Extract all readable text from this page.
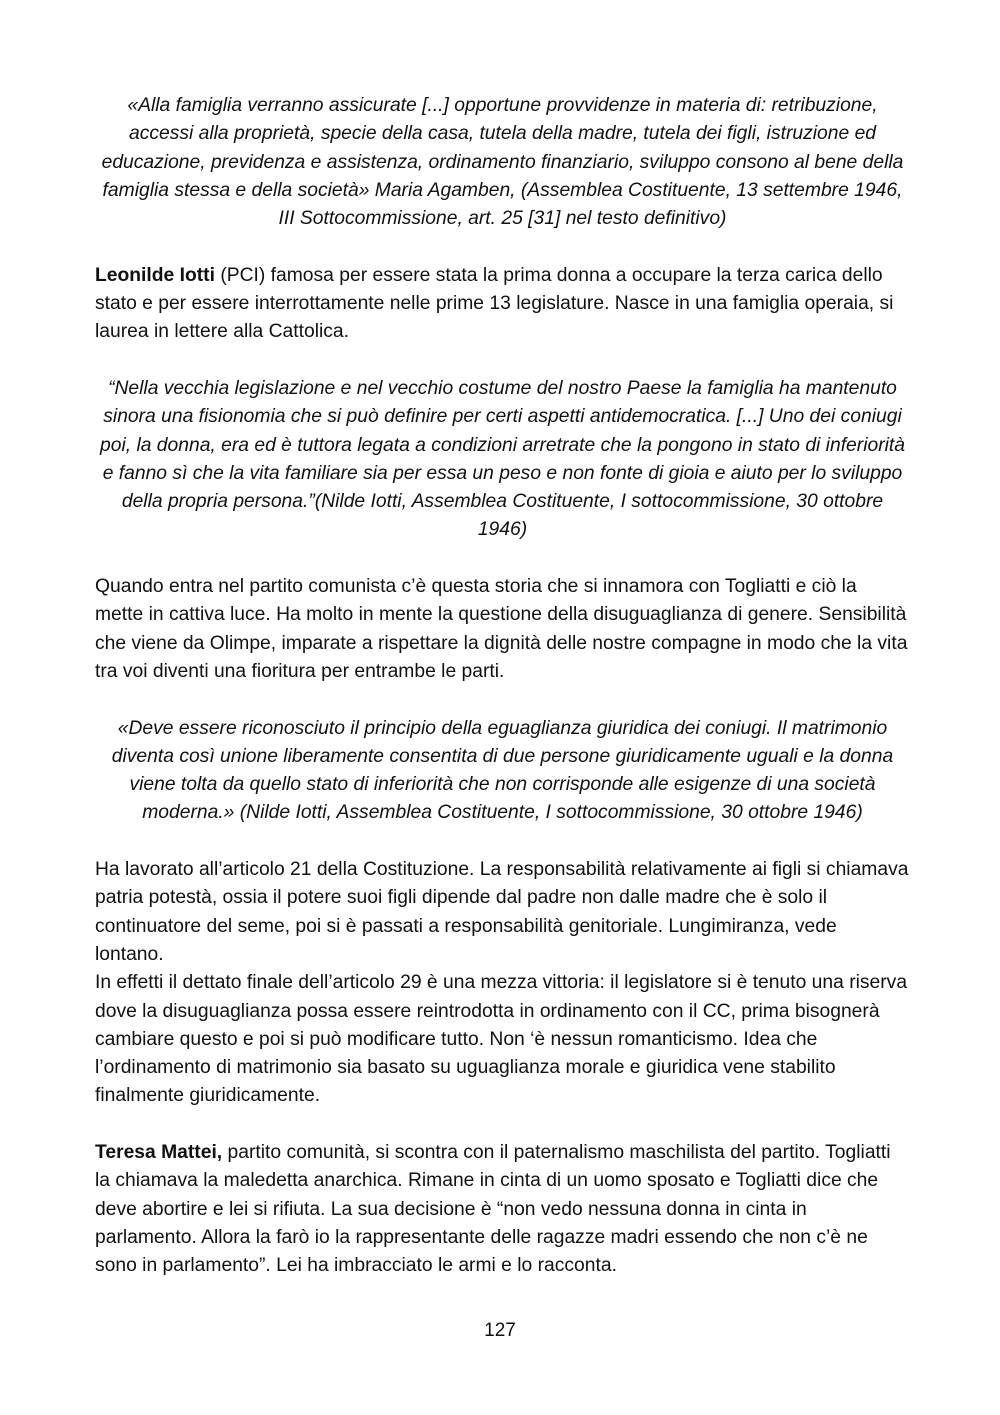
«Alla famiglia verranno assicurate [...] opportune provvidenze in materia di: retribuzione, accessi alla proprietà, specie della casa, tutela della madre, tutela dei figli, istruzione ed educazione, previdenza e assistenza, ordinamento finanziario, sviluppo consono al bene della famiglia stessa e della società» Maria Agamben, (Assemblea Costituente, 13 settembre 1946, III Sottocommissione, art. 25 [31] nel testo definitivo)

Leonilde Iotti (PCI) famosa per essere stata la prima donna a occupare la terza carica dello stato e per essere interrottamente nelle prime 13 legislature. Nasce in una famiglia operaia, si laurea in lettere alla Cattolica.

“Nella vecchia legislazione e nel vecchio costume del nostro Paese la famiglia ha mantenuto sinora una fisionomia che si può definire per certi aspetti antidemocratica. [...] Uno dei coniugi poi, la donna, era ed è tuttora legata a condizioni arretrate che la pongono in stato di inferiorità e fanno sì che la vita familiare sia per essa un peso e non fonte di gioia e aiuto per lo sviluppo della propria persona.”(Nilde Iotti, Assemblea Costituente, I sottocommissione, 30 ottobre 1946)

Quando entra nel partito comunista c’è questa storia che si innamora con Togliatti e ciò la mette in cattiva luce. Ha molto in mente la questione della disuguaglianza di genere. Sensibilità che viene da Olimpe, imparate a rispettare la dignità delle nostre compagne in modo che la vita tra voi diventi una fioritura per entrambe le parti.

«Deve essere riconosciuto il principio della eguaglianza giuridica dei coniugi. Il matrimonio diventa così unione liberamente consentita di due persone giuridicamente uguali e la donna viene tolta da quello stato di inferiorità che non corrisponde alle esigenze di una società moderna.» (Nilde Iotti, Assemblea Costituente, I sottocommissione, 30 ottobre 1946)

Ha lavorato all’articolo 21 della Costituzione. La responsabilità relativamente ai figli si chiamava patria potestà, ossia il potere suoi figli dipende dal padre non dalle madre che è solo il continuatore del seme, poi si è passati a responsabilità genitoriale. Lungimiranza, vede lontano.

In effetti il dettato finale dell’articolo 29 è una mezza vittoria: il legislatore si è tenuto una riserva dove la disuguaglianza possa essere reintrodotta in ordinamento con il CC, prima bisognerà cambiare questo e poi si può modificare tutto. Non ‘è nessun romanticismo. Idea che l’ordinamento di matrimonio sia basato su uguaglianza morale e giuridica vene stabilito finalmente giuridicamente.

Teresa Mattei, partito comunità, si scontra con il paternalismo maschilista del partito. Togliatti la chiamava la maledetta anarchica. Rimane in cinta di un uomo sposato e Togliatti dice che deve abortire e lei si rifiuta. La sua decisione è “non vedo nessuna donna in cinta in parlamento. Allora la farò io la rappresentante delle ragazze madri essendo che non c’è ne sono in parlamento”. Lei ha imbracciato le armi e lo racconta.

127
